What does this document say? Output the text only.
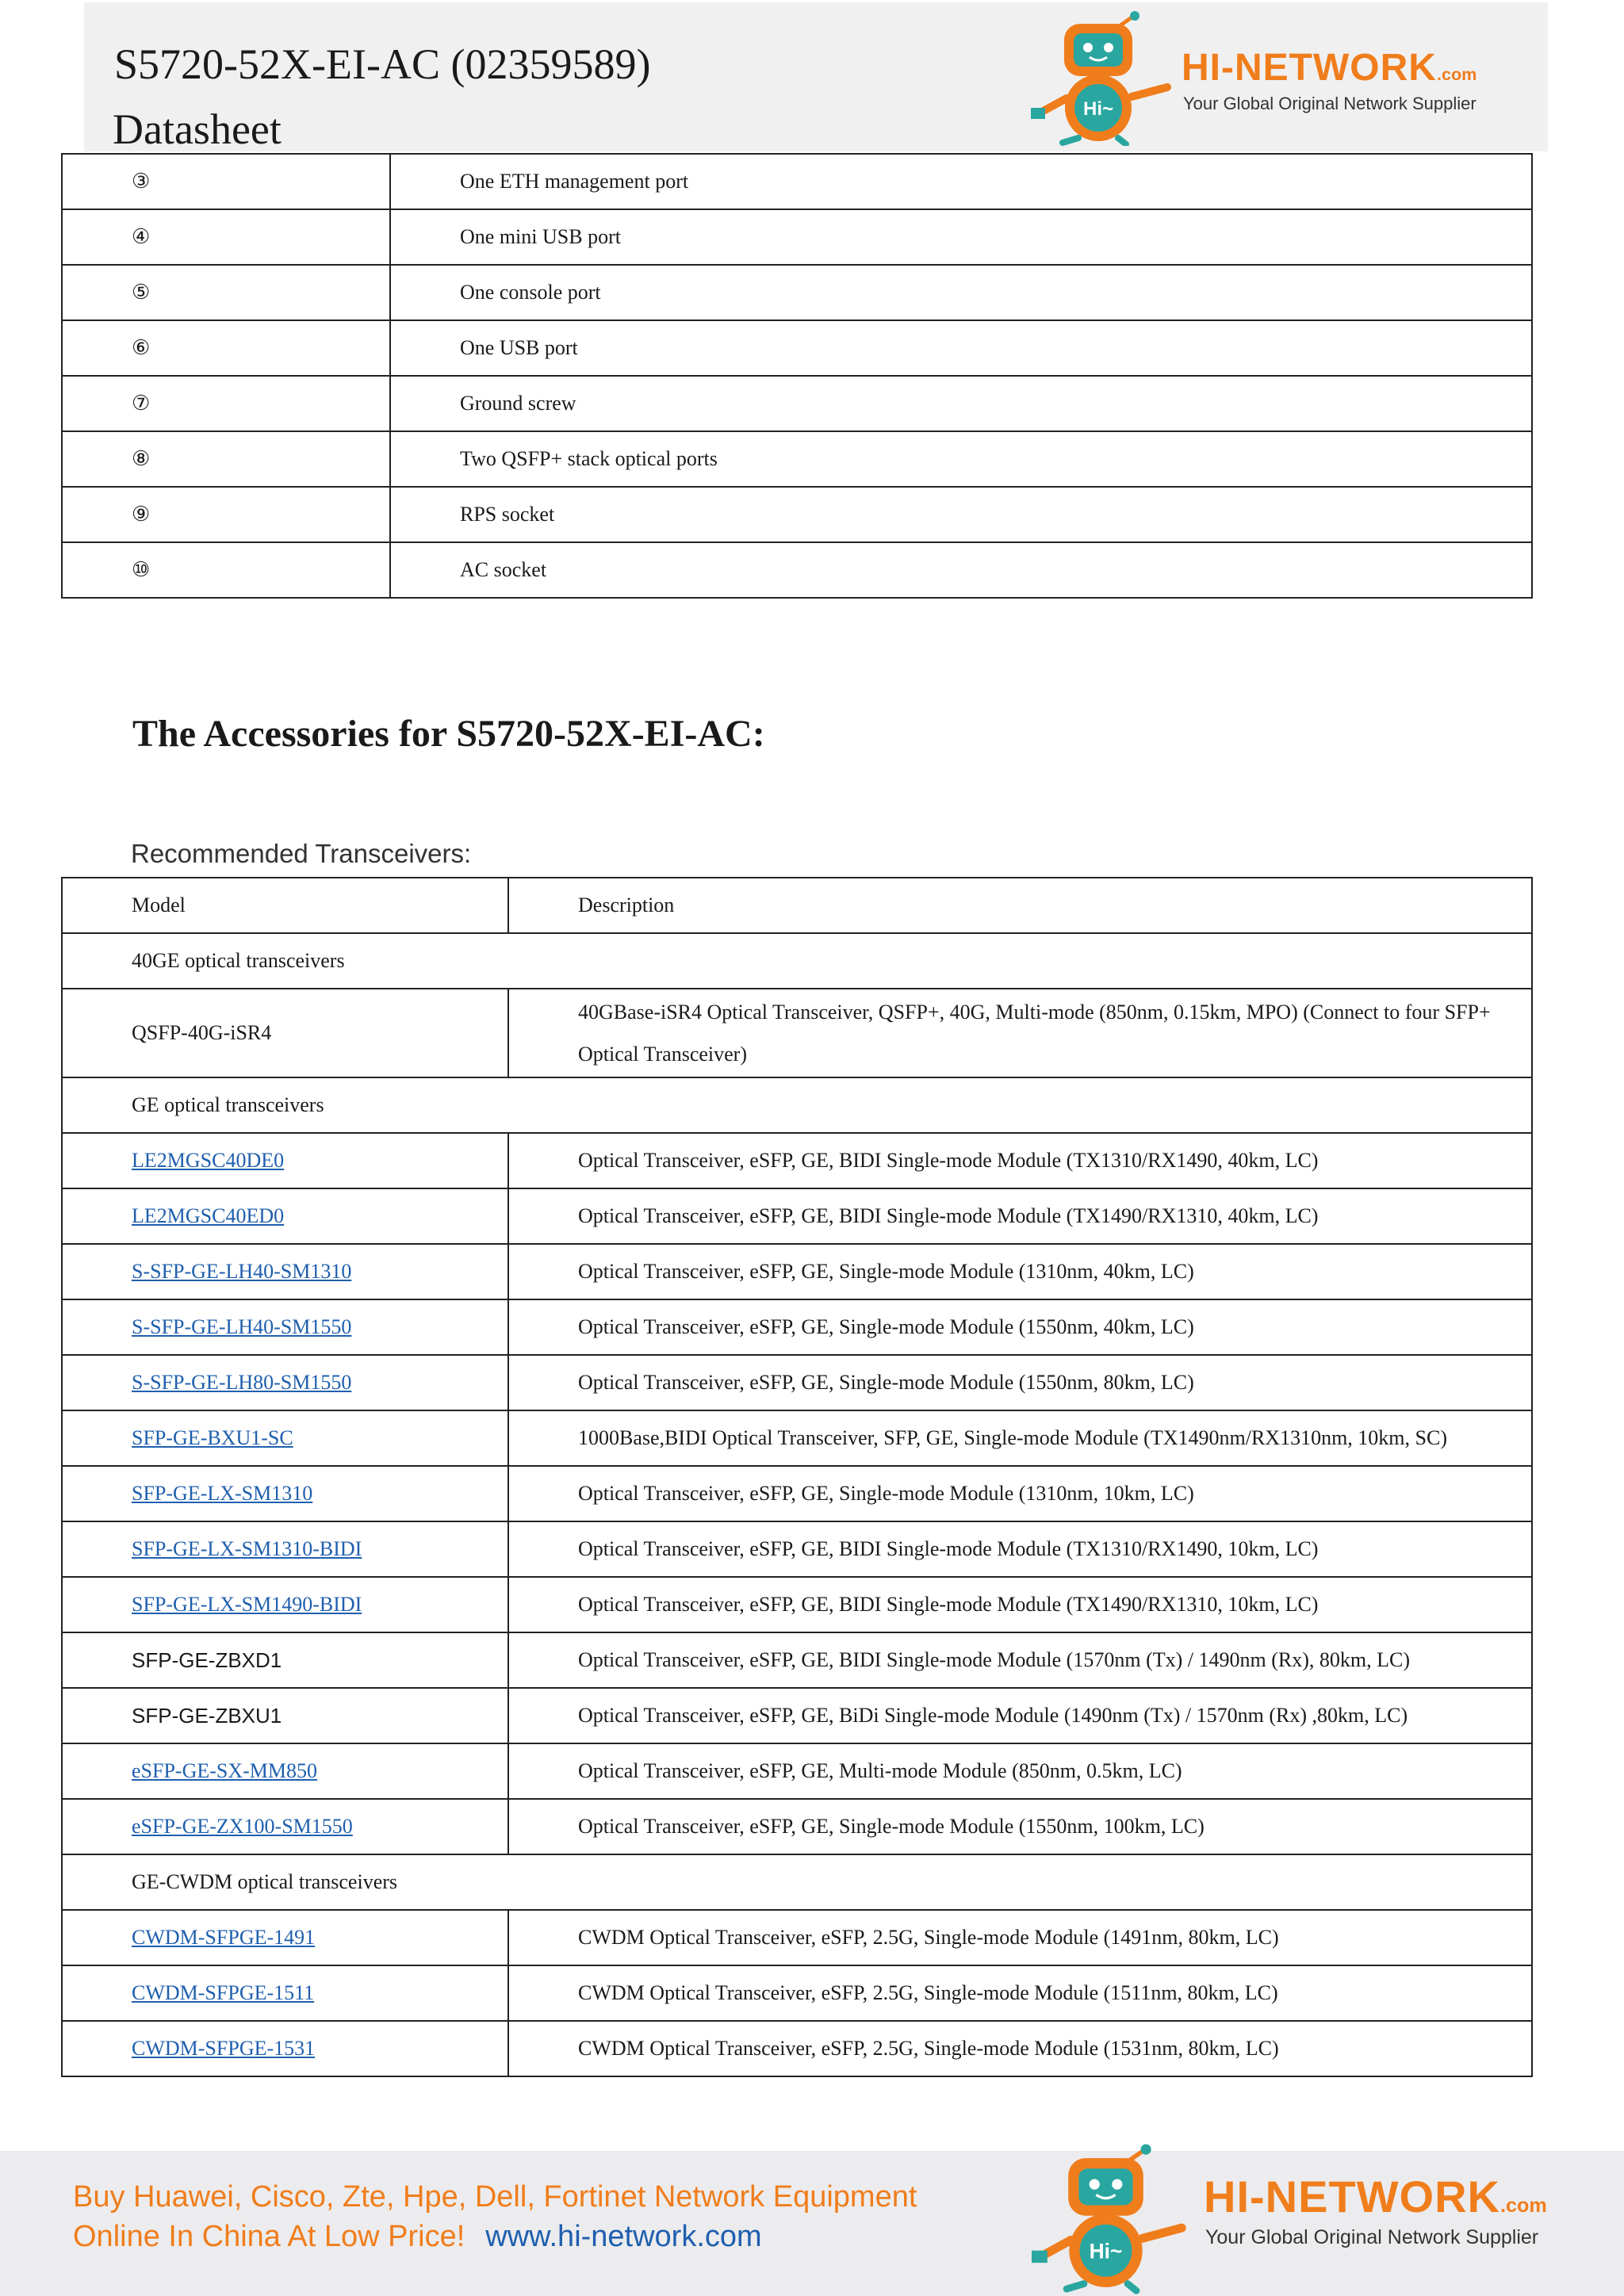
S5720-52X-EI-AC (02359589)
Datasheet	Hi~
HI-NETWORK.com
Your Global Original Network Supplier
③	One ETH management port
④	One mini USB port
⑤	One console port
⑥	One USB port
⑦	Ground screw
⑧	Two QSFP+ stack optical ports
⑨	RPS socket
⑩	AC socket
The Accessories for S5720-52X-EI-AC:
Recommended Transceivers:
Model	Description
40GE optical transceivers	
QSFP-40G-iSR4	40GBase-iSR4 Optical Transceiver, QSFP+, 40G, Multi-mode (850nm, 0.15km, MPO) (Connect to four SFP+
Optical Transceiver)

GE optical transceivers	
LE2MGSC40DE0	Optical Transceiver, eSFP, GE, BIDI Single-mode Module (TX1310/RX1490, 40km, LC)
LE2MGSC40ED0	Optical Transceiver, eSFP, GE, BIDI Single-mode Module (TX1490/RX1310, 40km, LC)
S-SFP-GE-LH40-SM1310	Optical Transceiver, eSFP, GE, Single-mode Module (1310nm, 40km, LC)
S-SFP-GE-LH40-SM1550	Optical Transceiver, eSFP, GE, Single-mode Module (1550nm, 40km, LC)
S-SFP-GE-LH80-SM1550	Optical Transceiver, eSFP, GE, Single-mode Module (1550nm, 80km, LC)
SFP-GE-BXU1-SC	1000Base,BIDI Optical Transceiver, SFP, GE, Single-mode Module (TX1490nm/RX1310nm, 10km, SC)
SFP-GE-LX-SM1310	Optical Transceiver, eSFP, GE, Single-mode Module (1310nm, 10km, LC)
SFP-GE-LX-SM1310-BIDI	Optical Transceiver, eSFP, GE, BIDI Single-mode Module (TX1310/RX1490, 10km, LC)
SFP-GE-LX-SM1490-BIDI	Optical Transceiver, eSFP, GE, BIDI Single-mode Module (TX1490/RX1310, 10km, LC)
SFP-GE-ZBXD1	Optical Transceiver, eSFP, GE, BIDI Single-mode Module (1570nm (Tx) / 1490nm (Rx), 80km, LC)
SFP-GE-ZBXU1	Optical Transceiver, eSFP, GE, BiDi Single-mode Module (1490nm (Tx) / 1570nm (Rx) ,80km, LC)
eSFP-GE-SX-MM850	Optical Transceiver, eSFP, GE, Multi-mode Module (850nm, 0.5km, LC)
eSFP-GE-ZX100-SM1550	Optical Transceiver, eSFP, GE, Single-mode Module (1550nm, 100km, LC)
GE-CWDM optical transceivers	
CWDM-SFPGE-1491	CWDM Optical Transceiver, eSFP, 2.5G, Single-mode Module (1491nm, 80km, LC)
CWDM-SFPGE-1511	CWDM Optical Transceiver, eSFP, 2.5G, Single-mode Module (1511nm, 80km, LC)
CWDM-SFPGE-1531	CWDM Optical Transceiver, eSFP, 2.5G, Single-mode Module (1531nm, 80km, LC)
Buy Huawei, Cisco, Zte, Hpe, Dell, Fortinet Network Equipment
Online In China At Low Price! www.hi-network.com	Hi~
HI-NETWORK.com
Your Global Original Network Supplier
